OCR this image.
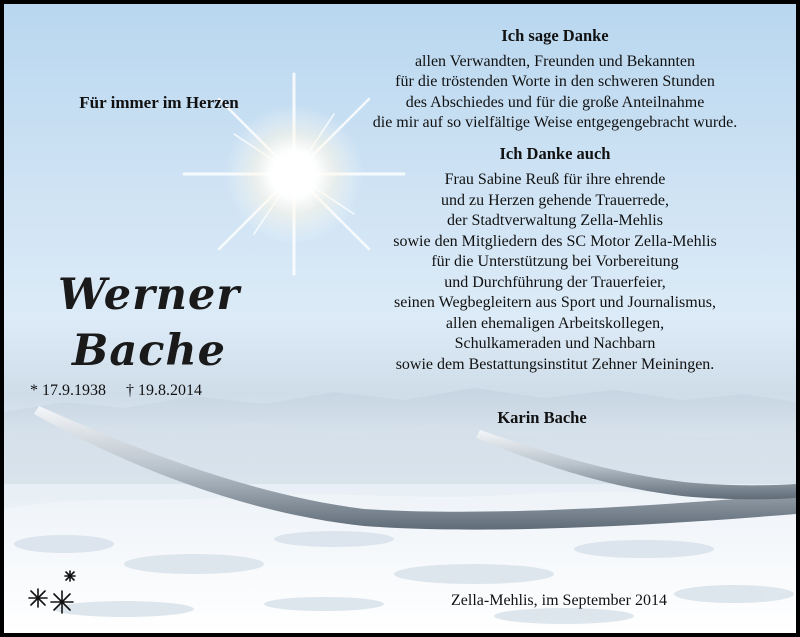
Für immer im Herzen
Werner
Bache
* 17.9.1938 † 19.8.2014
Ich sage Danke
allen Verwandten, Freunden und Bekannten
für die tröstenden Worte in den schweren Stunden
des Abschiedes und für die große Anteilnahme
die mir auf so vielfältige Weise entgegengebracht wurde.
Ich Danke auch
Frau Sabine Reuß für ihre ehrende
und zu Herzen gehende Trauerrede,
der Stadtverwaltung Zella-Mehlis
sowie den Mitgliedern des SC Motor Zella-Mehlis
für die Unterstützung bei Vorbereitung
und Durchführung der Trauerfeier,
seinen Wegbegleitern aus Sport und Journalismus,
allen ehemaligen Arbeitskollegen,
Schulkameraden und Nachbarn
sowie dem Bestattungsinstitut Zehner Meiningen.
Karin Bache
Zella-Mehlis, im September 2014
